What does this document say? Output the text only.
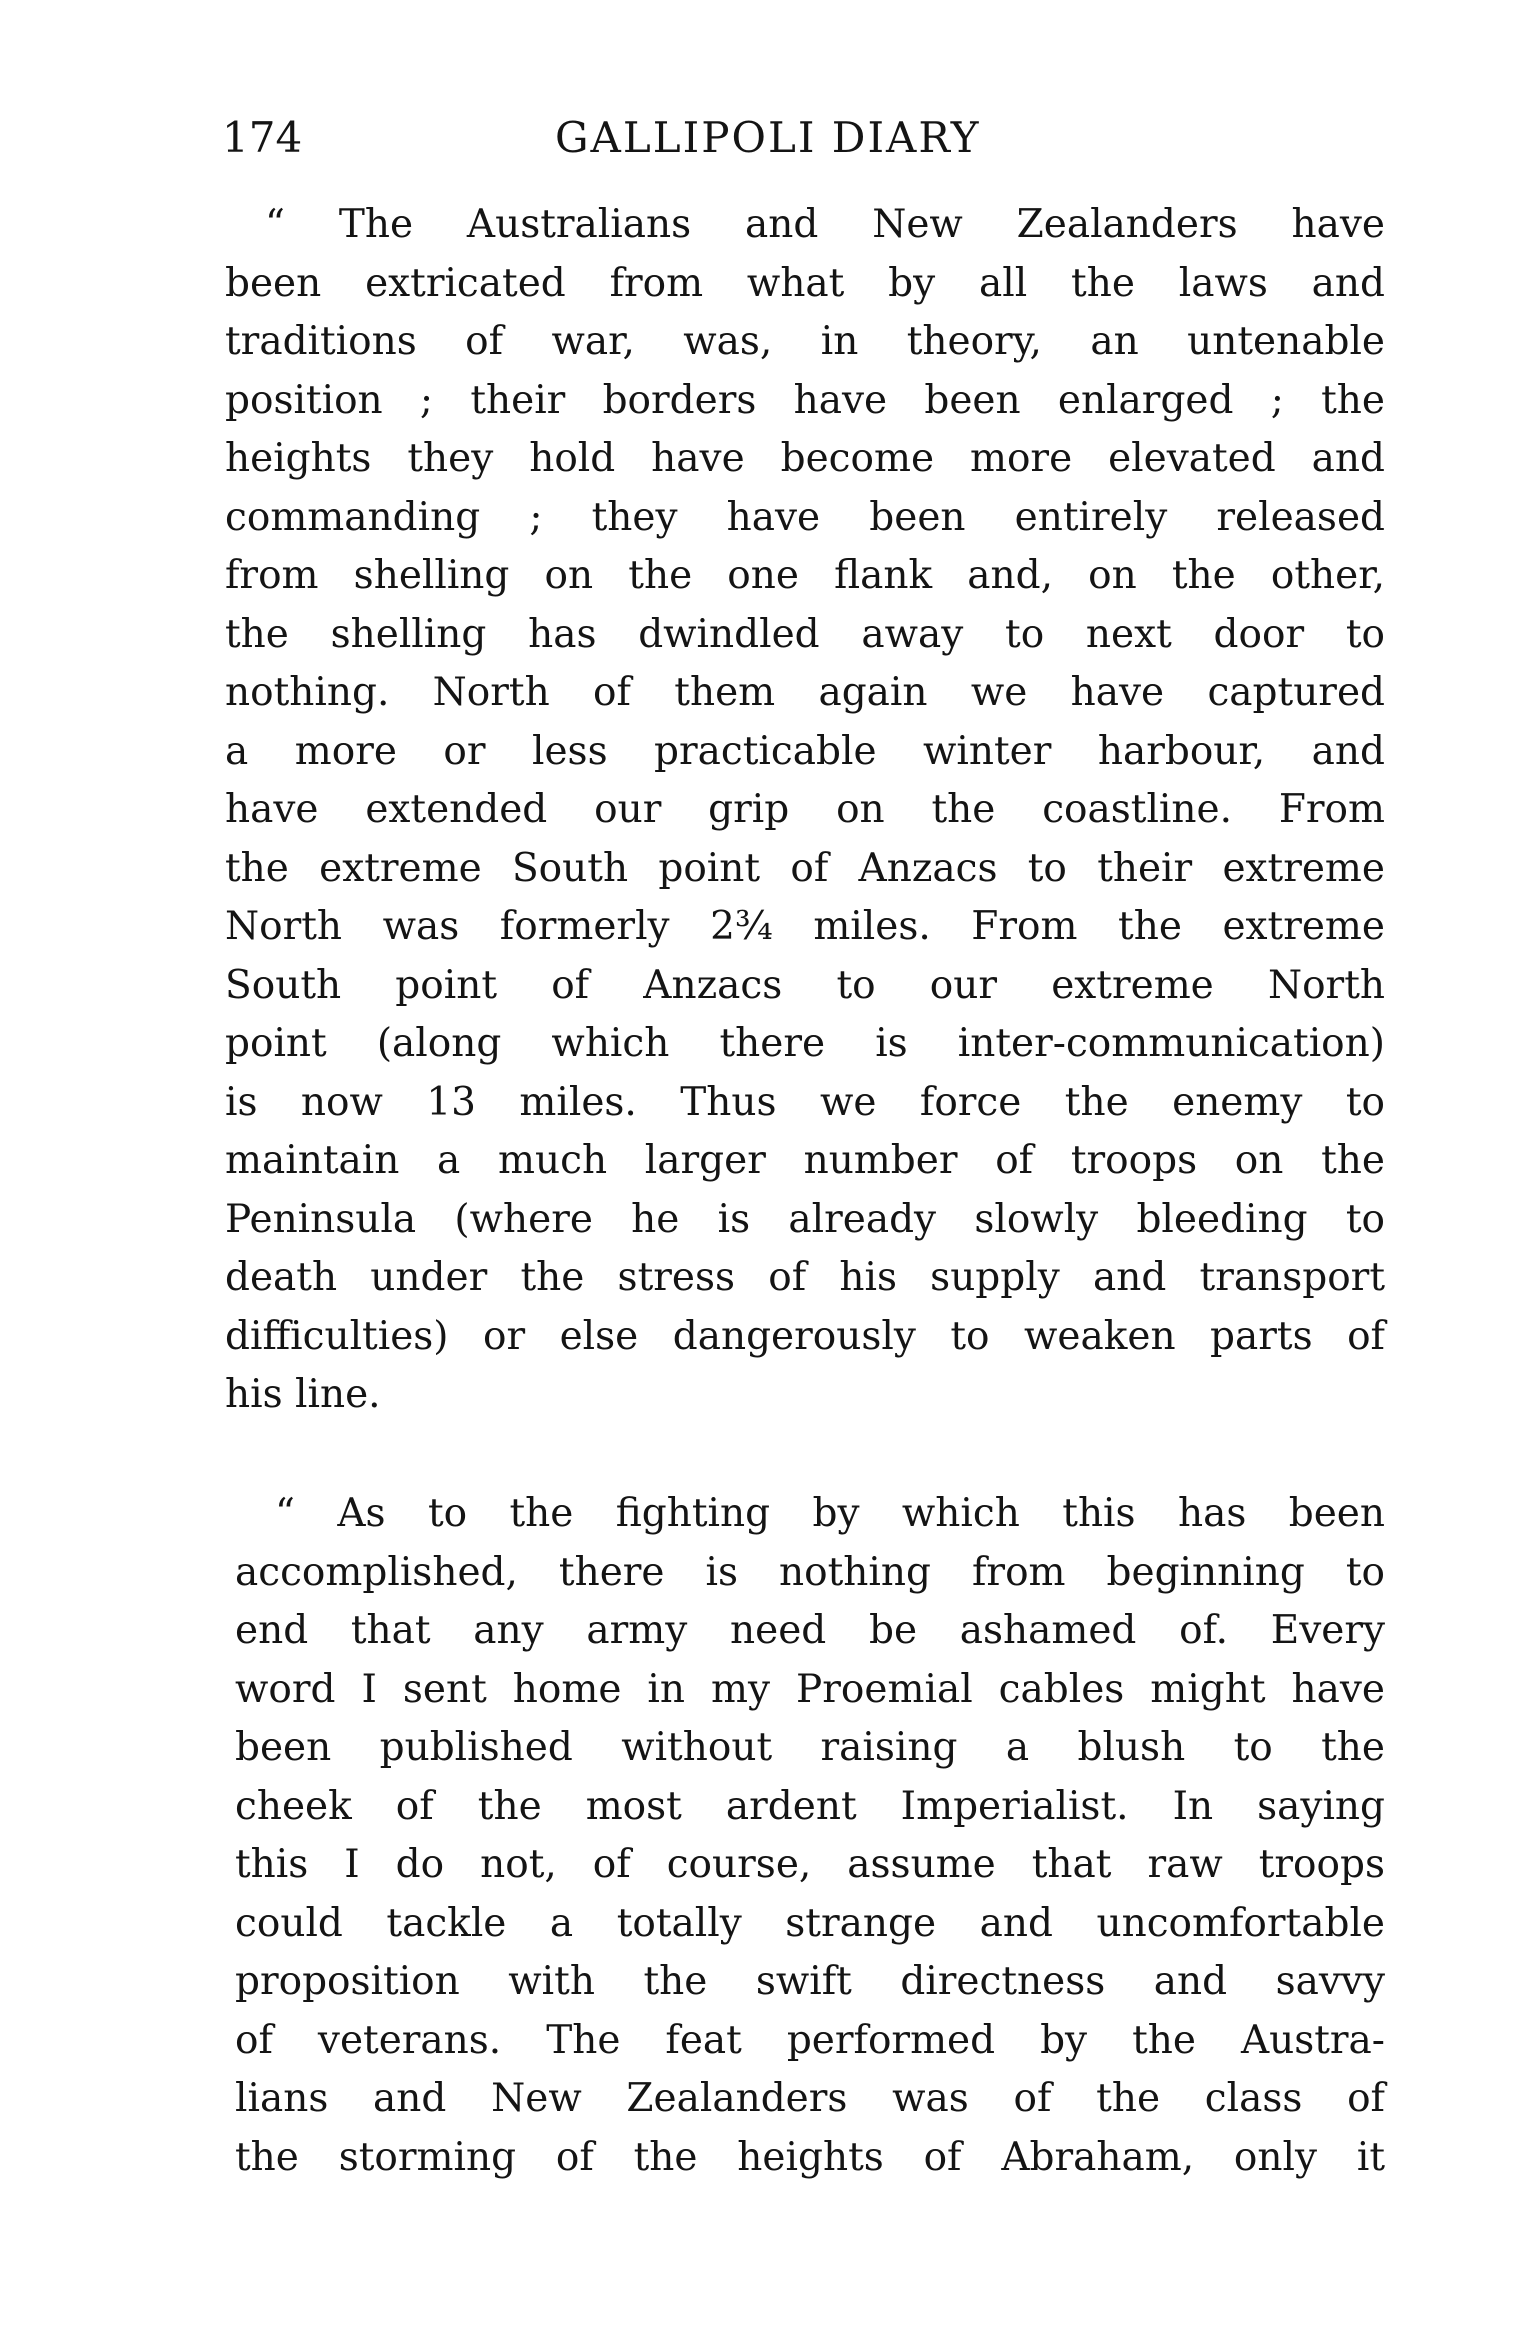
174	GALLIPOLI DIARY
“ The Australians and New Zealanders have
been extricated from what by all the laws and
traditions of war, was, in theory, an untenable
position ; their borders have been enlarged ; the
heights they hold have become more elevated and
commanding ; they have been entirely released
from shelling on the one flank and, on the other,
the shelling has dwindled away to next door to
nothing. North of them again we have captured
a more or less practicable winter harbour, and
have extended our grip on the coastline. From
the extreme South point of Anzacs to their extreme
North was formerly 2¾ miles. From the extreme
South point of Anzacs to our extreme North
point (along which there is inter-communication)
is now 13 miles. Thus we force the enemy to
maintain a much larger number of troops on the
Peninsula (where he is already slowly bleeding to
death under the stress of his supply and transport
difficulties) or else dangerously to weaken parts of
his line.
“ As to the fighting by which this has been
accomplished, there is nothing from beginning to
end that any army need be ashamed of. Every
word I sent home in my Proemial cables might have
been published without raising a blush to the
cheek of the most ardent Imperialist. In saying
this I do not, of course, assume that raw troops
could tackle a totally strange and uncomfortable
proposition with the swift directness and savvy
of veterans. The feat performed by the Austra-
lians and New Zealanders was of the class of
the storming of the heights of Abraham, only it
